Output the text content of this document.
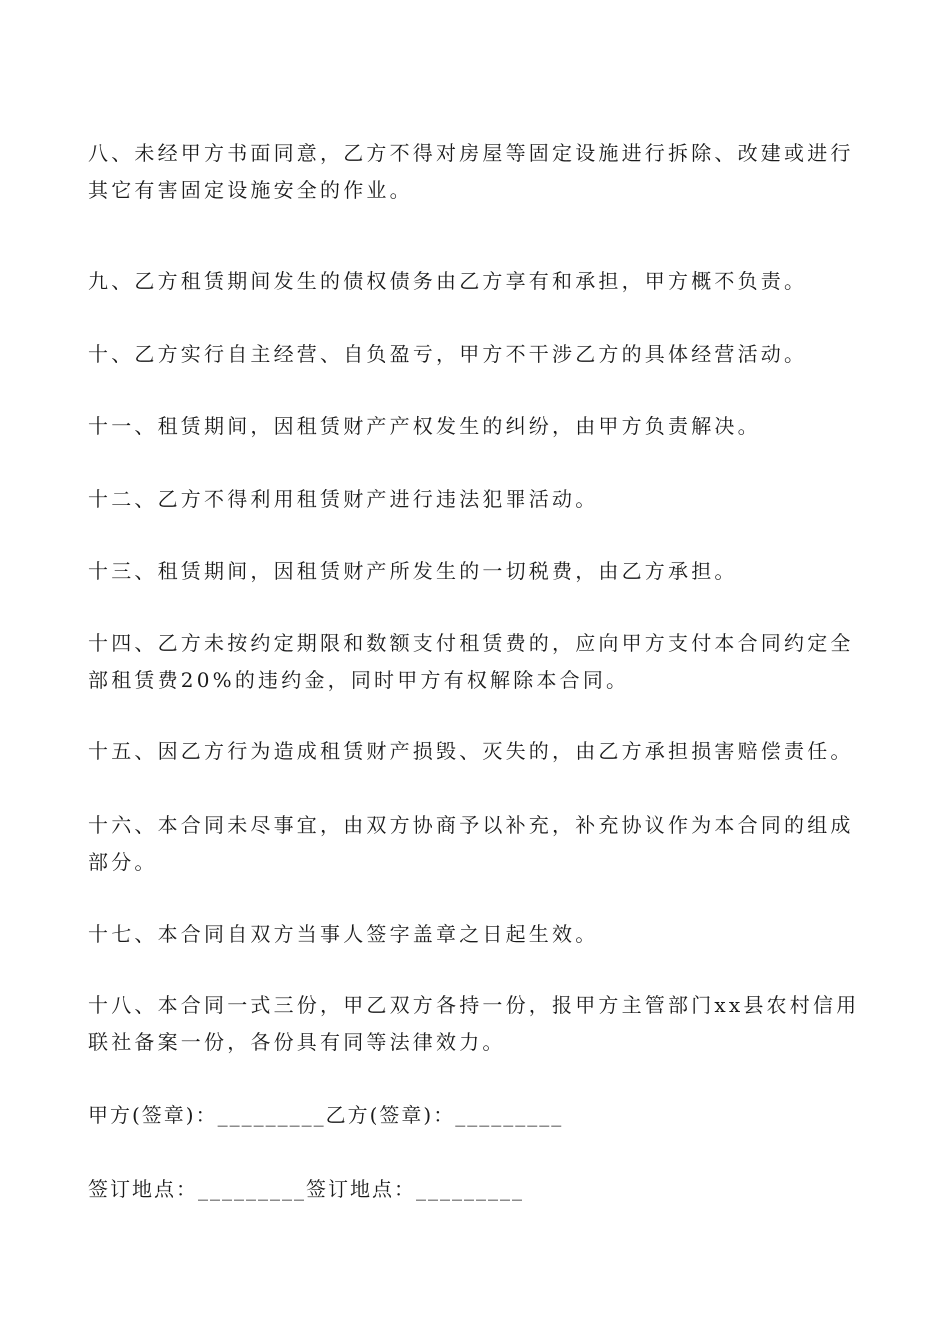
八、未经甲方书面同意，乙方不得对房屋等固定设施进行拆除、改建或进行其它有害固定设施安全的作业。

九、乙方租赁期间发生的债权债务由乙方享有和承担，甲方概不负责。

十、乙方实行自主经营、自负盈亏，甲方不干涉乙方的具体经营活动。

十一、租赁期间，因租赁财产产权发生的纠纷，由甲方负责解决。

十二、乙方不得利用租赁财产进行违法犯罪活动。

十三、租赁期间，因租赁财产所发生的一切税费，由乙方承担。

十四、乙方未按约定期限和数额支付租赁费的，应向甲方支付本合同约定全部租赁费20%的违约金，同时甲方有权解除本合同。

十五、因乙方行为造成租赁财产损毁、灭失的，由乙方承担损害赔偿责任。

十六、本合同未尽事宜，由双方协商予以补充，补充协议作为本合同的组成部分。

十七、本合同自双方当事人签字盖章之日起生效。

十八、本合同一式三份，甲乙双方各持一份，报甲方主管部门xx县农村信用联社备案一份，各份具有同等法律效力。

甲方(签章)：_________乙方(签章)：_________

签订地点：_________签订地点：_________
